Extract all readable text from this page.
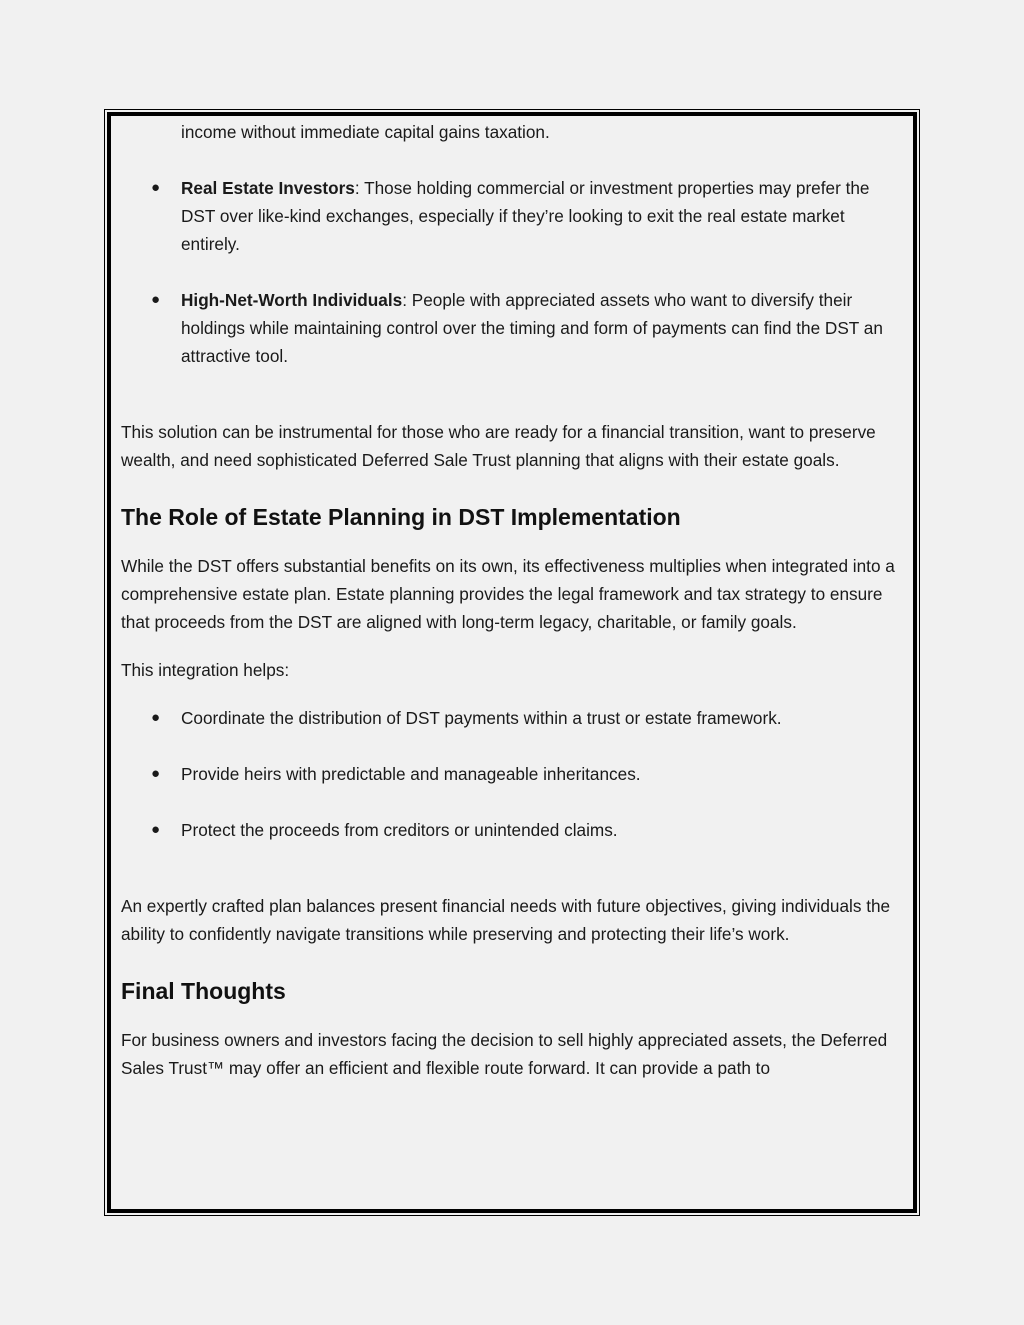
income without immediate capital gains taxation.
● Real Estate Investors: Those holding commercial or investment properties may prefer the DST over like-kind exchanges, especially if they’re looking to exit the real estate market entirely.
● High-Net-Worth Individuals: People with appreciated assets who want to diversify their holdings while maintaining control over the timing and form of payments can find the DST an attractive tool.

This solution can be instrumental for those who are ready for a financial transition, want to preserve wealth, and need sophisticated Deferred Sale Trust planning that aligns with their estate goals.

The Role of Estate Planning in DST Implementation

While the DST offers substantial benefits on its own, its effectiveness multiplies when integrated into a comprehensive estate plan. Estate planning provides the legal framework and tax strategy to ensure that proceeds from the DST are aligned with long-term legacy, charitable, or family goals.

This integration helps:

● Coordinate the distribution of DST payments within a trust or estate framework.
● Provide heirs with predictable and manageable inheritances.
● Protect the proceeds from creditors or unintended claims.

An expertly crafted plan balances present financial needs with future objectives, giving individuals the ability to confidently navigate transitions while preserving and protecting their life’s work.

Final Thoughts

For business owners and investors facing the decision to sell highly appreciated assets, the Deferred Sales Trust™ may offer an efficient and flexible route forward. It can provide a path to
